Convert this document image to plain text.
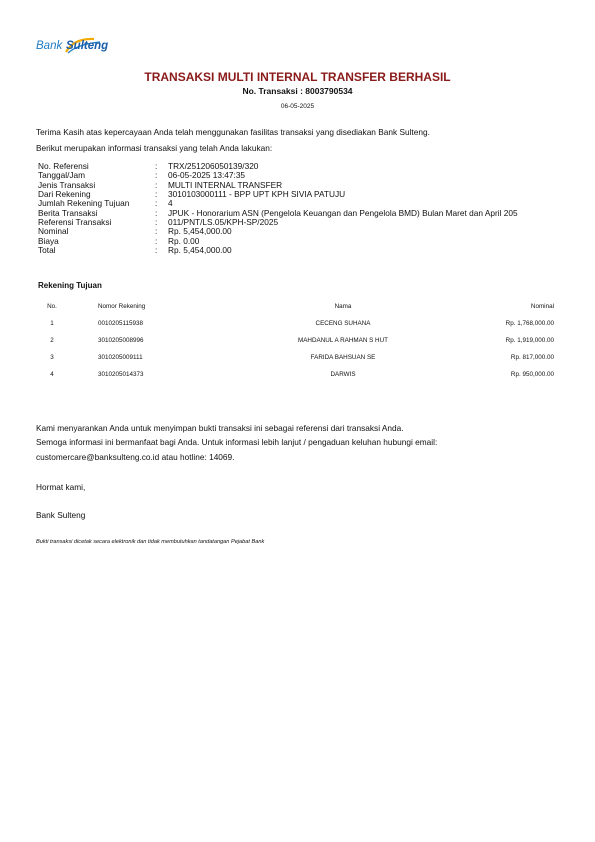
Bank Sulteng
TRANSAKSI MULTI INTERNAL TRANSFER BERHASIL
No. Transaksi : 8003790534
06-05-2025
Terima Kasih atas kepercayaan Anda telah menggunakan fasilitas transaksi yang disediakan Bank Sulteng.
Berikut merupakan informasi transaksi yang telah Anda lakukan:
No. Referensi	: TRX/251206050139/320
Tanggal/Jam	: 06-05-2025 13:47:35
Jenis Transaksi	: MULTI INTERNAL TRANSFER
Dari Rekening	: 3010103000111 - BPP UPT KPH SIVIA PATUJU
Jumlah Rekening Tujuan	: 4
Berita Transaksi	: JPUK - Honorarium ASN (Pengelola Keuangan dan Pengelola BMD) Bulan Maret dan April 205
Referensi Transaksi	: 011/PNT/LS.05/KPH-SP/2025
Nominal	: Rp. 5,454,000.00
Biaya	: Rp. 0.00
Total	: Rp. 5,454,000.00
Rekening Tujuan
No.	Nomor Rekening	Nama	Nominal
1	0010205115938	CECENG SUHANA	Rp. 1,768,000.00
2	3010205008996	MAHDANUL A RAHMAN S HUT	Rp. 1,919,000.00
3	3010205009111	FARIDA BAHSUAN SE	Rp. 817,000.00
4	3010205014373	DARWIS	Rp. 950,000.00
Kami menyarankan Anda untuk menyimpan bukti transaksi ini sebagai referensi dari transaksi Anda.
Semoga informasi ini bermanfaat bagi Anda. Untuk informasi lebih lanjut / pengaduan keluhan hubungi email:
customercare@banksulteng.co.id atau hotline: 14069.
Hormat kami,
Bank Sulteng
Bukti transaksi dicetak secara elektronik dan tidak membutuhkan tandatangan Pejabat Bank
